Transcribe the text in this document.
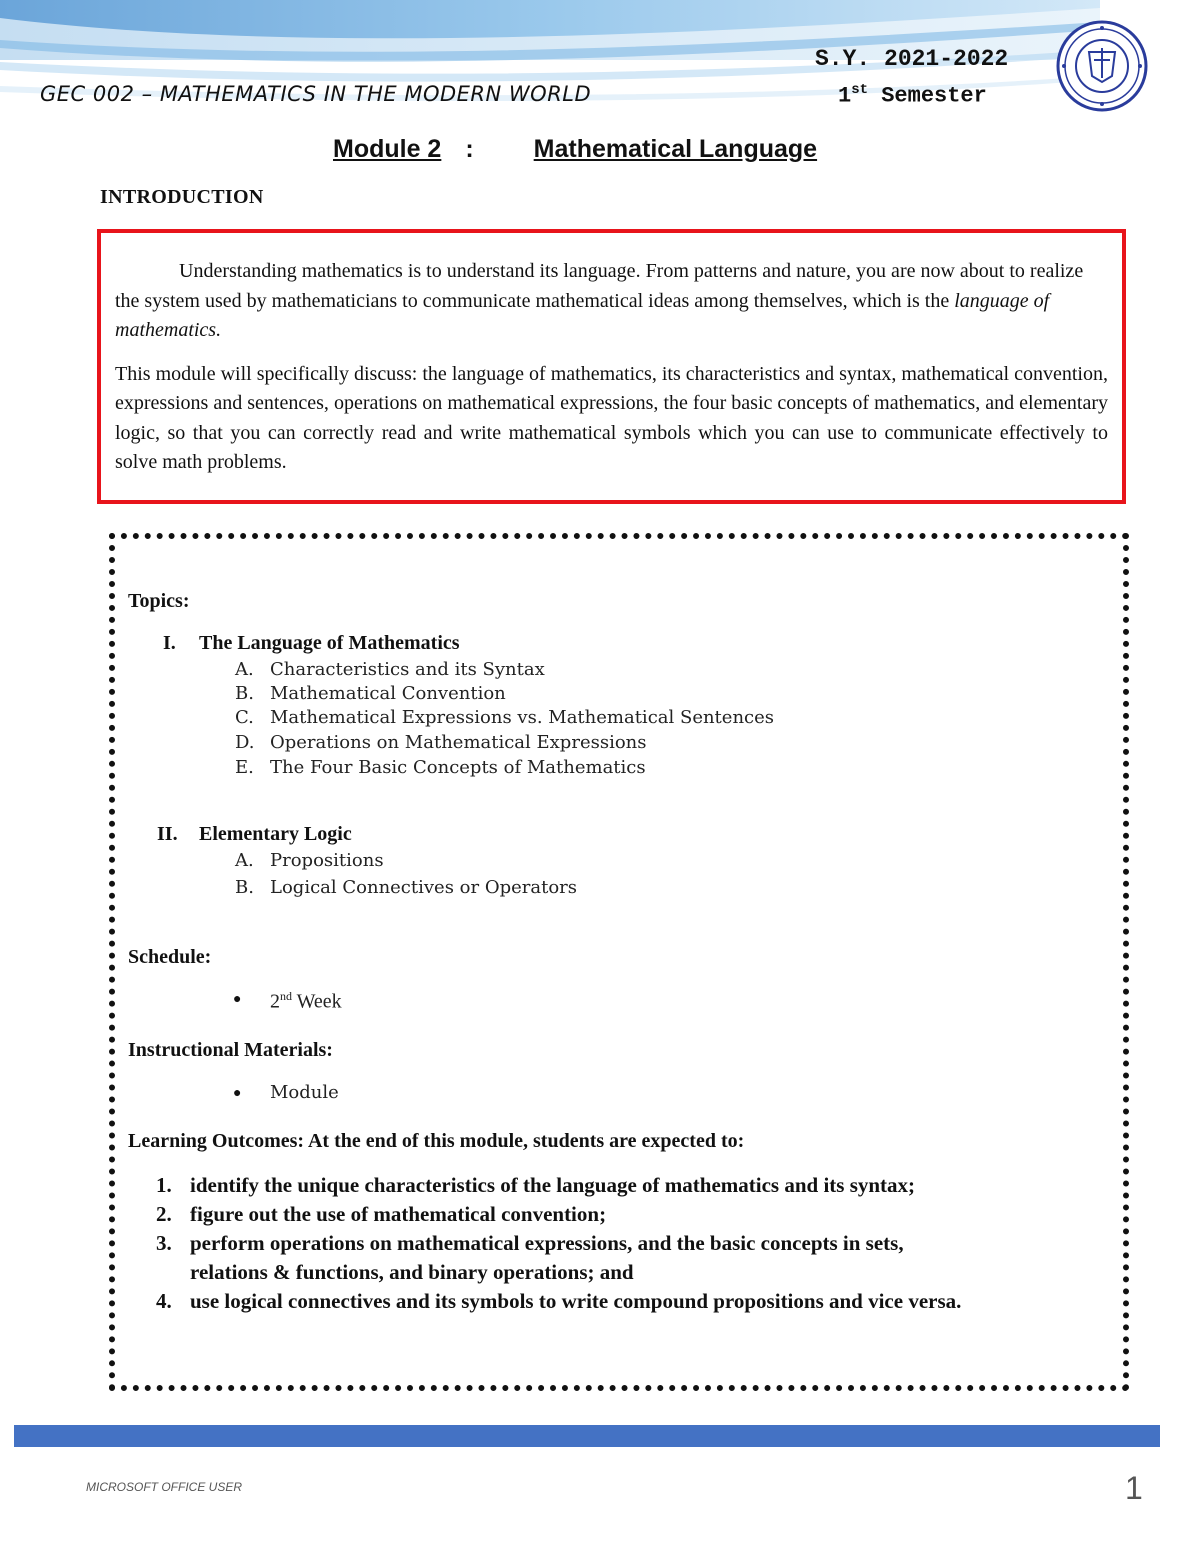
GEC 002 – MATHEMATICS IN THE MODERN WORLD
S.Y. 2021-2022
1st Semester
Module 2 : Mathematical Language
INTRODUCTION

Understanding mathematics is to understand its language. From patterns and nature, you are now about to realize the system used by mathematicians to communicate mathematical ideas among themselves, which is the language of mathematics.

This module will specifically discuss: the language of mathematics, its characteristics and syntax, mathematical convention, expressions and sentences, operations on mathematical expressions, the four basic concepts of mathematics, and elementary logic, so that you can correctly read and write mathematical symbols which you can use to communicate effectively to solve math problems.

Topics:
I. The Language of Mathematics
A. Characteristics and its Syntax
B. Mathematical Convention
C. Mathematical Expressions vs. Mathematical Sentences
D. Operations on Mathematical Expressions
E. The Four Basic Concepts of Mathematics
II. Elementary Logic
A. Propositions
B. Logical Connectives or Operators
Schedule:
● 2nd Week
Instructional Materials:
● Module
Learning Outcomes: At the end of this module, students are expected to:
1. identify the unique characteristics of the language of mathematics and its syntax;
2. figure out the use of mathematical convention;
3. perform operations on mathematical expressions, and the basic concepts in sets,
relations & functions, and binary operations; and
4. use logical connectives and its symbols to write compound propositions and vice versa.
MICROSOFT OFFICE USER	1
